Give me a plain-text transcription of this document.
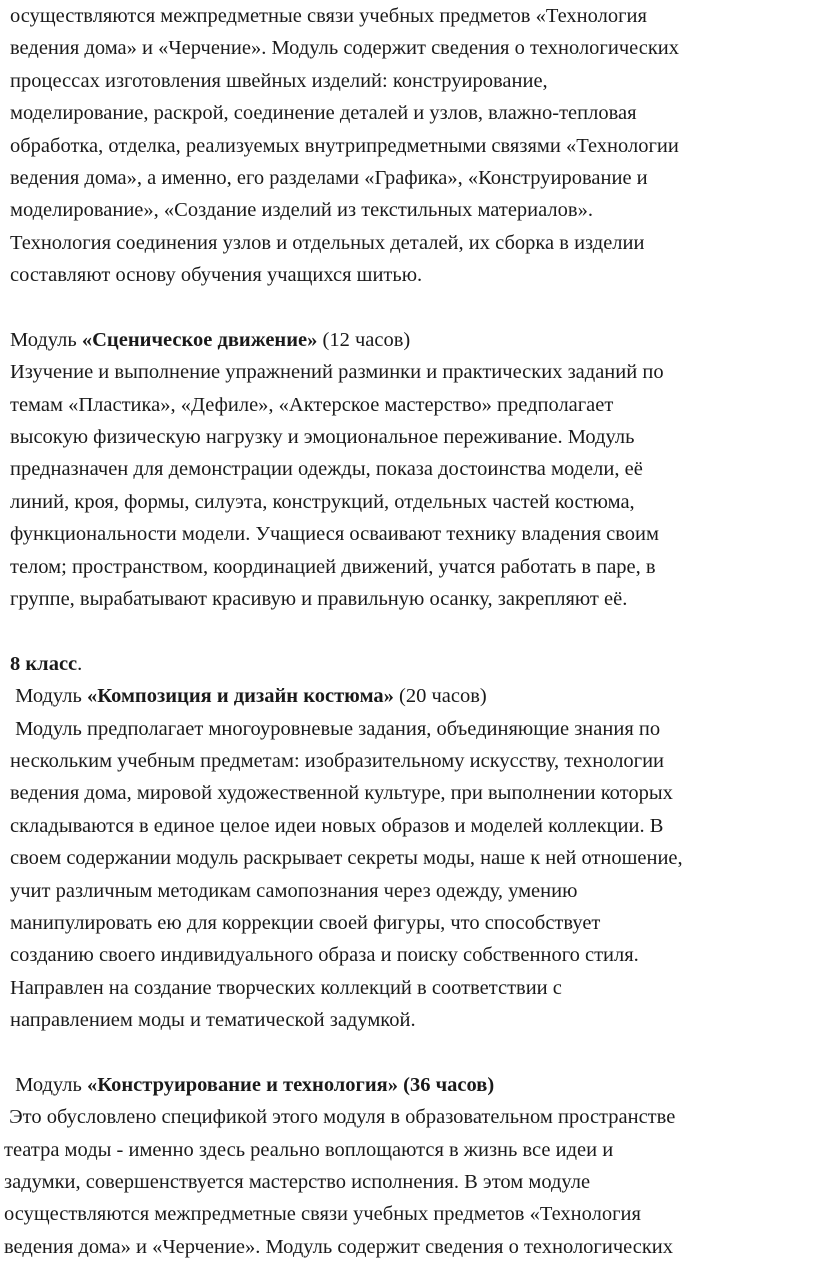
осуществляются межпредметные связи учебных предметов «Технология
ведения дома» и «Черчение». Модуль содержит сведения о технологических
процессах изготовления швейных изделий: конструирование,
моделирование, раскрой, соединение деталей и узлов, влажно-тепловая
обработка, отделка, реализуемых внутрипредметными связями «Технологии
ведения дома», а именно, его разделами «Графика», «Конструирование и
моделирование», «Создание изделий из текстильных материалов».
Технология соединения узлов и отдельных деталей, их сборка в изделии
составляют основу обучения учащихся шитью.
Модуль «Сценическое движение» (12 часов)
Изучение и выполнение упражнений разминки и практических заданий по
темам «Пластика», «Дефиле», «Актерское мастерство» предполагает
высокую физическую нагрузку и эмоциональное переживание. Модуль
предназначен для демонстрации одежды, показа достоинства модели, её
линий, кроя, формы, силуэта, конструкций, отдельных частей костюма,
функциональности модели. Учащиеся осваивают технику владения своим
телом; пространством, координацией движений, учатся работать в паре, в
группе, вырабатывают красивую и правильную осанку, закрепляют её.
8 класс.
Модуль «Композиция и дизайн костюма» (20 часов)
Модуль предполагает многоуровневые задания, объединяющие знания по
нескольким учебным предметам: изобразительному искусству, технологии
ведения дома, мировой художественной культуре, при выполнении которых
складываются в единое целое идеи новых образов и моделей коллекции. В
своем содержании модуль раскрывает секреты моды, наше к ней отношение,
учит различным методикам самопознания через одежду, умению
манипулировать ею для коррекции своей фигуры, что способствует
созданию своего индивидуального образа и поиску собственного стиля.
Направлен на создание творческих коллекций в соответствии с
направлением моды и тематической задумкой.
Модуль «Конструирование и технология» (36 часов)
Это обусловлено спецификой этого модуля в образовательном пространстве
театра моды - именно здесь реально воплощаются в жизнь все идеи и
задумки, совершенствуется мастерство исполнения. В этом модуле
осуществляются межпредметные связи учебных предметов «Технология
ведения дома» и «Черчение». Модуль содержит сведения о технологических
